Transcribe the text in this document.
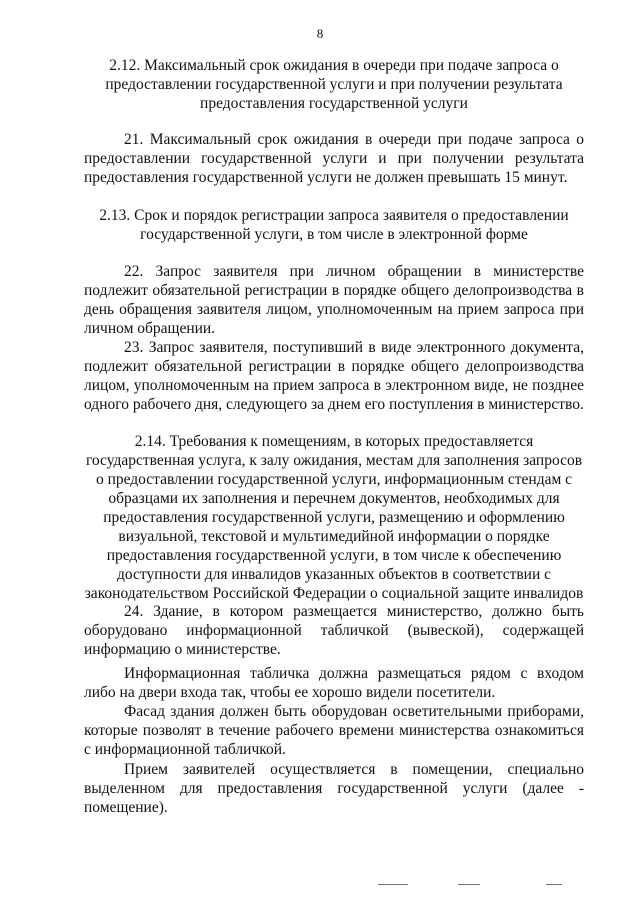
8
2.12. Максимальный срок ожидания в очереди при подаче запроса о предоставлении государственной услуги и при получении результата предоставления государственной услуги
21. Максимальный срок ожидания в очереди при подаче запроса о предоставлении государственной услуги и при получении результата предоставления государственной услуги не должен превышать 15 минут.
2.13. Срок и порядок регистрации запроса заявителя о предоставлении государственной услуги, в том числе в электронной форме
22. Запрос заявителя при личном обращении в министерстве подлежит обязательной регистрации в порядке общего делопроизводства в день обращения заявителя лицом, уполномоченным на прием запроса при личном обращении.
23. Запрос заявителя, поступивший в виде электронного документа, подлежит обязательной регистрации в порядке общего делопроизводства лицом, уполномоченным на прием запроса в электронном виде, не позднее одного рабочего дня, следующего за днем его поступления в министерство.
2.14. Требования к помещениям, в которых предоставляется государственная услуга, к залу ожидания, местам для заполнения запросов о предоставлении государственной услуги, информационным стендам с образцами их заполнения и перечнем документов, необходимых для предоставления государственной услуги, размещению и оформлению визуальной, текстовой и мультимедийной информации о порядке предоставления государственной услуги, в том числе к обеспечению доступности для инвалидов указанных объектов в соответствии с законодательством Российской Федерации о социальной защите инвалидов
24. Здание, в котором размещается министерство, должно быть оборудовано информационной табличкой (вывеской), содержащей информацию о министерстве.
Информационная табличка должна размещаться рядом с входом либо на двери входа так, чтобы ее хорошо видели посетители.
Фасад здания должен быть оборудован осветительными приборами, которые позволят в течение рабочего времени министерства ознакомиться с информационной табличкой.
Прием заявителей осуществляется в помещении, специально выделенном для предоставления государственной услуги (далее - помещение).
